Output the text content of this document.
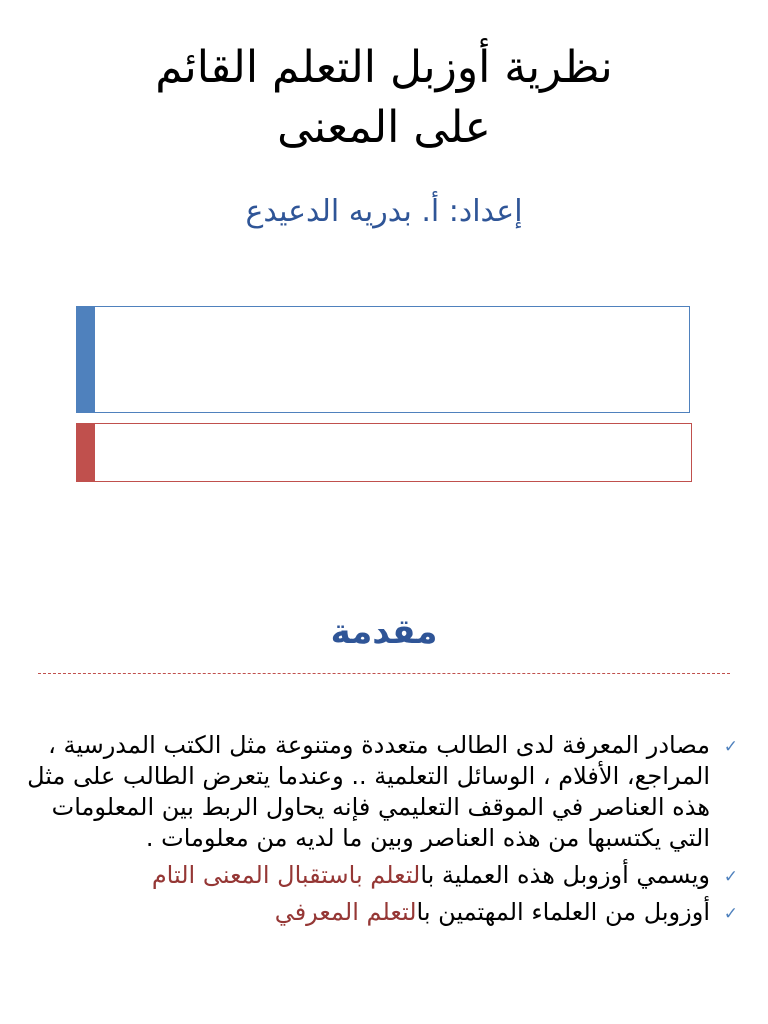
نظرية أوزبل التعلم القائم
على المعنى
إعداد: أ. بدريه الدعيدع
مقدمة
✓
مصادر المعرفة لدى الطالب متعددة ومتنوعة مثل الكتب المدرسية ، المراجع، الأفلام ، الوسائل التعلمية .. وعندما يتعرض الطالب على مثل هذه العناصر في الموقف التعليمي فإنه يحاول الربط بين المعلومات التي يكتسبها من هذه العناصر وبين ما لديه من معلومات .
✓
ويسمي أوزوبل هذه العملية بالتعلم باستقبال المعنى التام
✓
أوزوبل من العلماء المهتمين بالتعلم المعرفي
